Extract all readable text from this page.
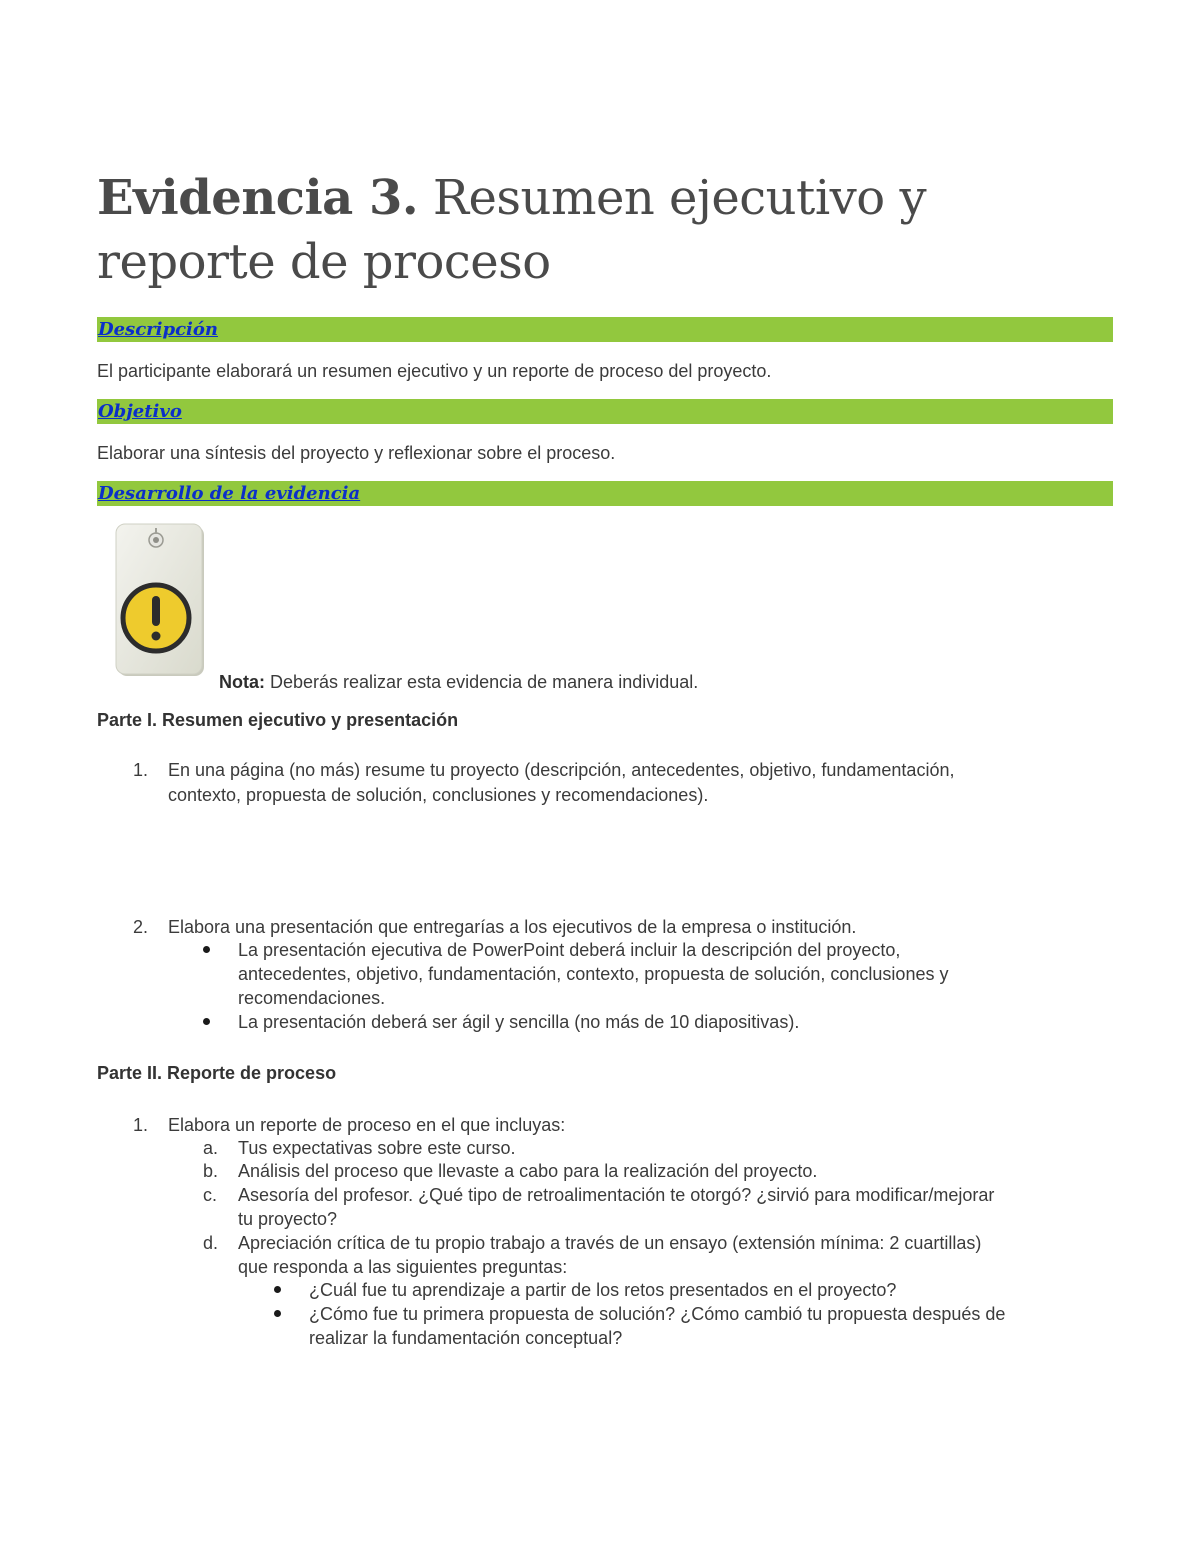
Evidencia 3. Resumen ejecutivo y reporte de proceso
Descripción
El participante elaborará un resumen ejecutivo y un reporte de proceso del proyecto.
Objetivo
Elaborar una síntesis del proyecto y reflexionar sobre el proceso.
Desarrollo de la evidencia
Nota: Deberás realizar esta evidencia de manera individual.
Parte I. Resumen ejecutivo y presentación
1. En una página (no más) resume tu proyecto (descripción, antecedentes, objetivo, fundamentación,
contexto, propuesta de solución, conclusiones y recomendaciones).
2. Elabora una presentación que entregarías a los ejecutivos de la empresa o institución.
La presentación ejecutiva de PowerPoint deberá incluir la descripción del proyecto,
antecedentes, objetivo, fundamentación, contexto, propuesta de solución, conclusiones y
recomendaciones.
La presentación deberá ser ágil y sencilla (no más de 10 diapositivas).
Parte II. Reporte de proceso
1. Elabora un reporte de proceso en el que incluyas:
a. Tus expectativas sobre este curso.
b. Análisis del proceso que llevaste a cabo para la realización del proyecto.
c. Asesoría del profesor. ¿Qué tipo de retroalimentación te otorgó? ¿sirvió para modificar/mejorar
tu proyecto?
d. Apreciación crítica de tu propio trabajo a través de un ensayo (extensión mínima: 2 cuartillas)
que responda a las siguientes preguntas:
¿Cuál fue tu aprendizaje a partir de los retos presentados en el proyecto?
¿Cómo fue tu primera propuesta de solución? ¿Cómo cambió tu propuesta después de
realizar la fundamentación conceptual?
